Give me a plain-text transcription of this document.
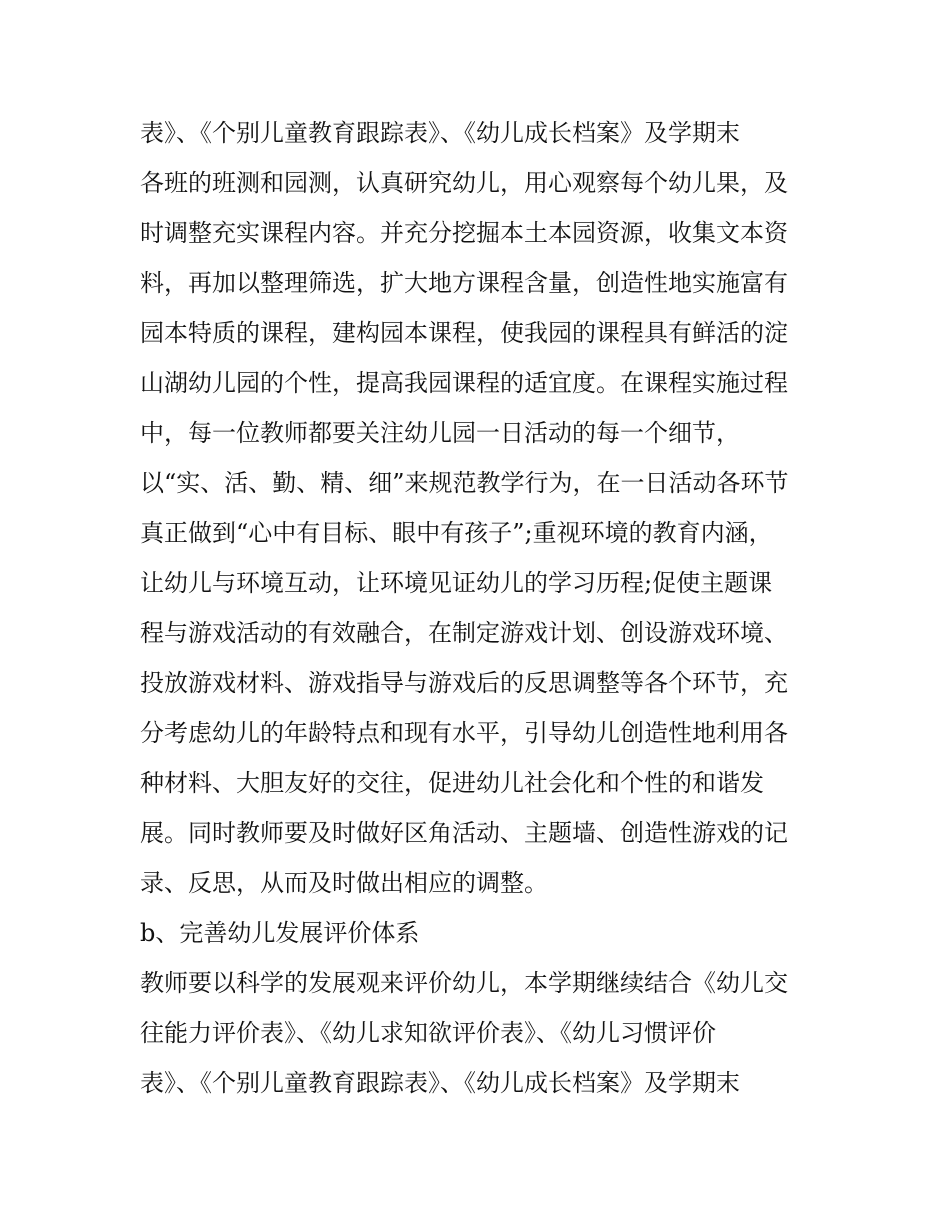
表》、《个别儿童教育跟踪表》、《幼儿成长档案》及学期末
各班的班测和园测，认真研究幼儿，用心观察每个幼儿果，及
时调整充实课程内容。并充分挖掘本土本园资源，收集文本资
料，再加以整理筛选，扩大地方课程含量，创造性地实施富有
园本特质的课程，建构园本课程，使我园的课程具有鲜活的淀
山湖幼儿园的个性，提高我园课程的适宜度。在课程实施过程
中，每一位教师都要关注幼儿园一日活动的每一个细节，
以“实、活、勤、精、细”来规范教学行为，在一日活动各环节
真正做到“心中有目标、眼中有孩子”;重视环境的教育内涵，
让幼儿与环境互动，让环境见证幼儿的学习历程;促使主题课
程与游戏活动的有效融合，在制定游戏计划、创设游戏环境、
投放游戏材料、游戏指导与游戏后的反思调整等各个环节，充
分考虑幼儿的年龄特点和现有水平，引导幼儿创造性地利用各
种材料、大胆友好的交往，促进幼儿社会化和个性的和谐发
展。同时教师要及时做好区角活动、主题墙、创造性游戏的记
录、反思，从而及时做出相应的调整。
b、完善幼儿发展评价体系
教师要以科学的发展观来评价幼儿，本学期继续结合《幼儿交
往能力评价表》、《幼儿求知欲评价表》、《幼儿习惯评价
表》、《个别儿童教育跟踪表》、《幼儿成长档案》及学期末
